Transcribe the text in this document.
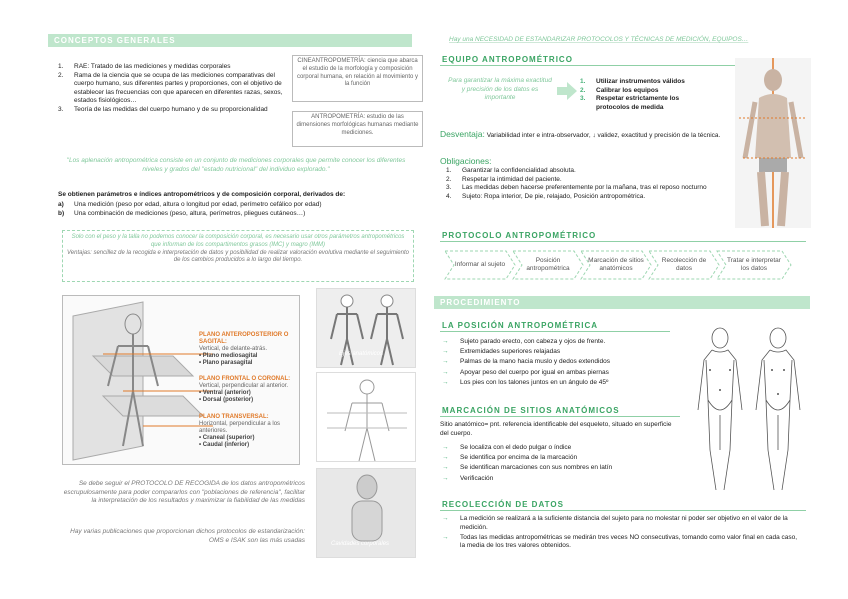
CONCEPTOS GENERALES
1.	RAE: Tratado de las mediciones y medidas corporales
2.	Rama de la ciencia que se ocupa de las mediciones comparativas del cuerpo humano, sus diferentes partes y proporciones, con el objetivo de establecer las frecuencias con que aparecen en diferentes razas, sexos, estados fisiológicos…
3.	Teoría de las medidas del cuerpo humano y de su proporcionalidad
CINEANTROPOMETRÍA: ciencia que abarca el estudio de la morfología y composición corporal humana, en relación al movimiento y la función
ANTROPOMETRÍA: estudio de las dimensiones morfológicas humanas mediante mediciones.
"Los aplenación antropométrica consiste en un conjunto de mediciones corporales que permite conocer los diferentes niveles y grados del "estado nutricional" del individuo explorado."
Se obtienen parámetros e índices antropométricos y de composición corporal, derivados de:
a)	Una medición (peso por edad, altura o longitud por edad, perímetro cefálico por edad)
b)	Una combinación de mediciones (peso, altura, perímetros, pliegues cutáneos…)
Solo con el peso y la talla no podemos conocer la composición corporal, es necesario usar otros parámetros antropométricos que informan de los compartimentos grasos (IMC) y magro (IMM)
Ventajas: sencillez de la recogida e interpretación de datos y posibilidad de realizar valoración evolutiva mediante el seguimiento de los cambios producidos a lo largo del tiempo.
PLANO ANTEROPOSTERIOR O SAGITAL:
Vertical, de delante-atrás.
• Plano mediosagital
• Plano parasagital
PLANO FRONTAL O CORONAL:
Vertical, perpendicular al anterior.
• Ventral (anterior)
• Dorsal (posterior)
PLANO TRANSVERSAL:
Horizontal, perpendicular a los anteriores.
• Craneal (superior)
• Caudal (inferior)
Ejes anatómicos
Cavidades corporales
Se debe seguir el PROTOCOLO DE RECOGIDA de los datos antropométricos escrupulosamente para poder compararlos con "poblaciones de referencia", facilitar la interpretación de los resultados y maximizar la fiabilidad de las medidas
Hay varias publicaciones que proporcionan dichos protocolos de estandarización: OMS e ISAK son las más usadas
Hay una NECESIDAD DE ESTANDARIZAR PROTOCOLOS Y TÉCNICAS DE MEDICIÓN, EQUIPOS…
EQUIPO ANTROPOMÉTRICO
Para garantizar la máxima exactitud y precisión de los datos es importante
1.	Utilizar instrumentos válidos
2.	Calibrar los equipos
3.	Respetar estrictamente los protocolos de medida
Desventaja: Variabilidad inter e intra-observador, ↓ validez, exactitud y precisión de la técnica.
Obligaciones:
1.	Garantizar la confidencialidad absoluta.
2.	Respetar la intimidad del paciente.
3.	Las medidas deben hacerse preferentemente por la mañana, tras el reposo nocturno
4.	Sujeto: Ropa interior, De pie, relajado, Posición antropométrica.
PROTOCOLO ANTROPOMÉTRICO
Informar al sujeto
Posición antropométrica
Marcación de sitios anatómicos
Recolección de datos
Tratar e interpretar los datos
PROCEDIMIENTO
LA POSICIÓN ANTROPOMÉTRICA
→	Sujeto parado erecto, con cabeza y ojos de frente.
→	Extremidades superiores relajadas
→	Palmas de la mano hacia muslo y dedos extendidos
→	Apoyar peso del cuerpo por igual en ambas piernas
→	Los pies con los talones juntos en un ángulo de 45º
MARCACIÓN DE SITIOS ANATÓMICOS
Sitio anatómico= pnt. referencia identificable del esqueleto, situado en superficie del cuerpo.
→	Se localiza con el dedo pulgar o índice
→	Se identifica por encima de la marcación
→	Se identifican marcaciones con sus nombres en latín
→	Verificación
RECOLECCIÓN DE DATOS
→	La medición se realizará a la suficiente distancia del sujeto para no molestar ni poder ser objetivo en el valor de la medición.
→	Todas las medidas antropométricas se medirán tres veces NO consecutivas, tomando como valor final en cada caso, la media de los tres valores obtenidos.
